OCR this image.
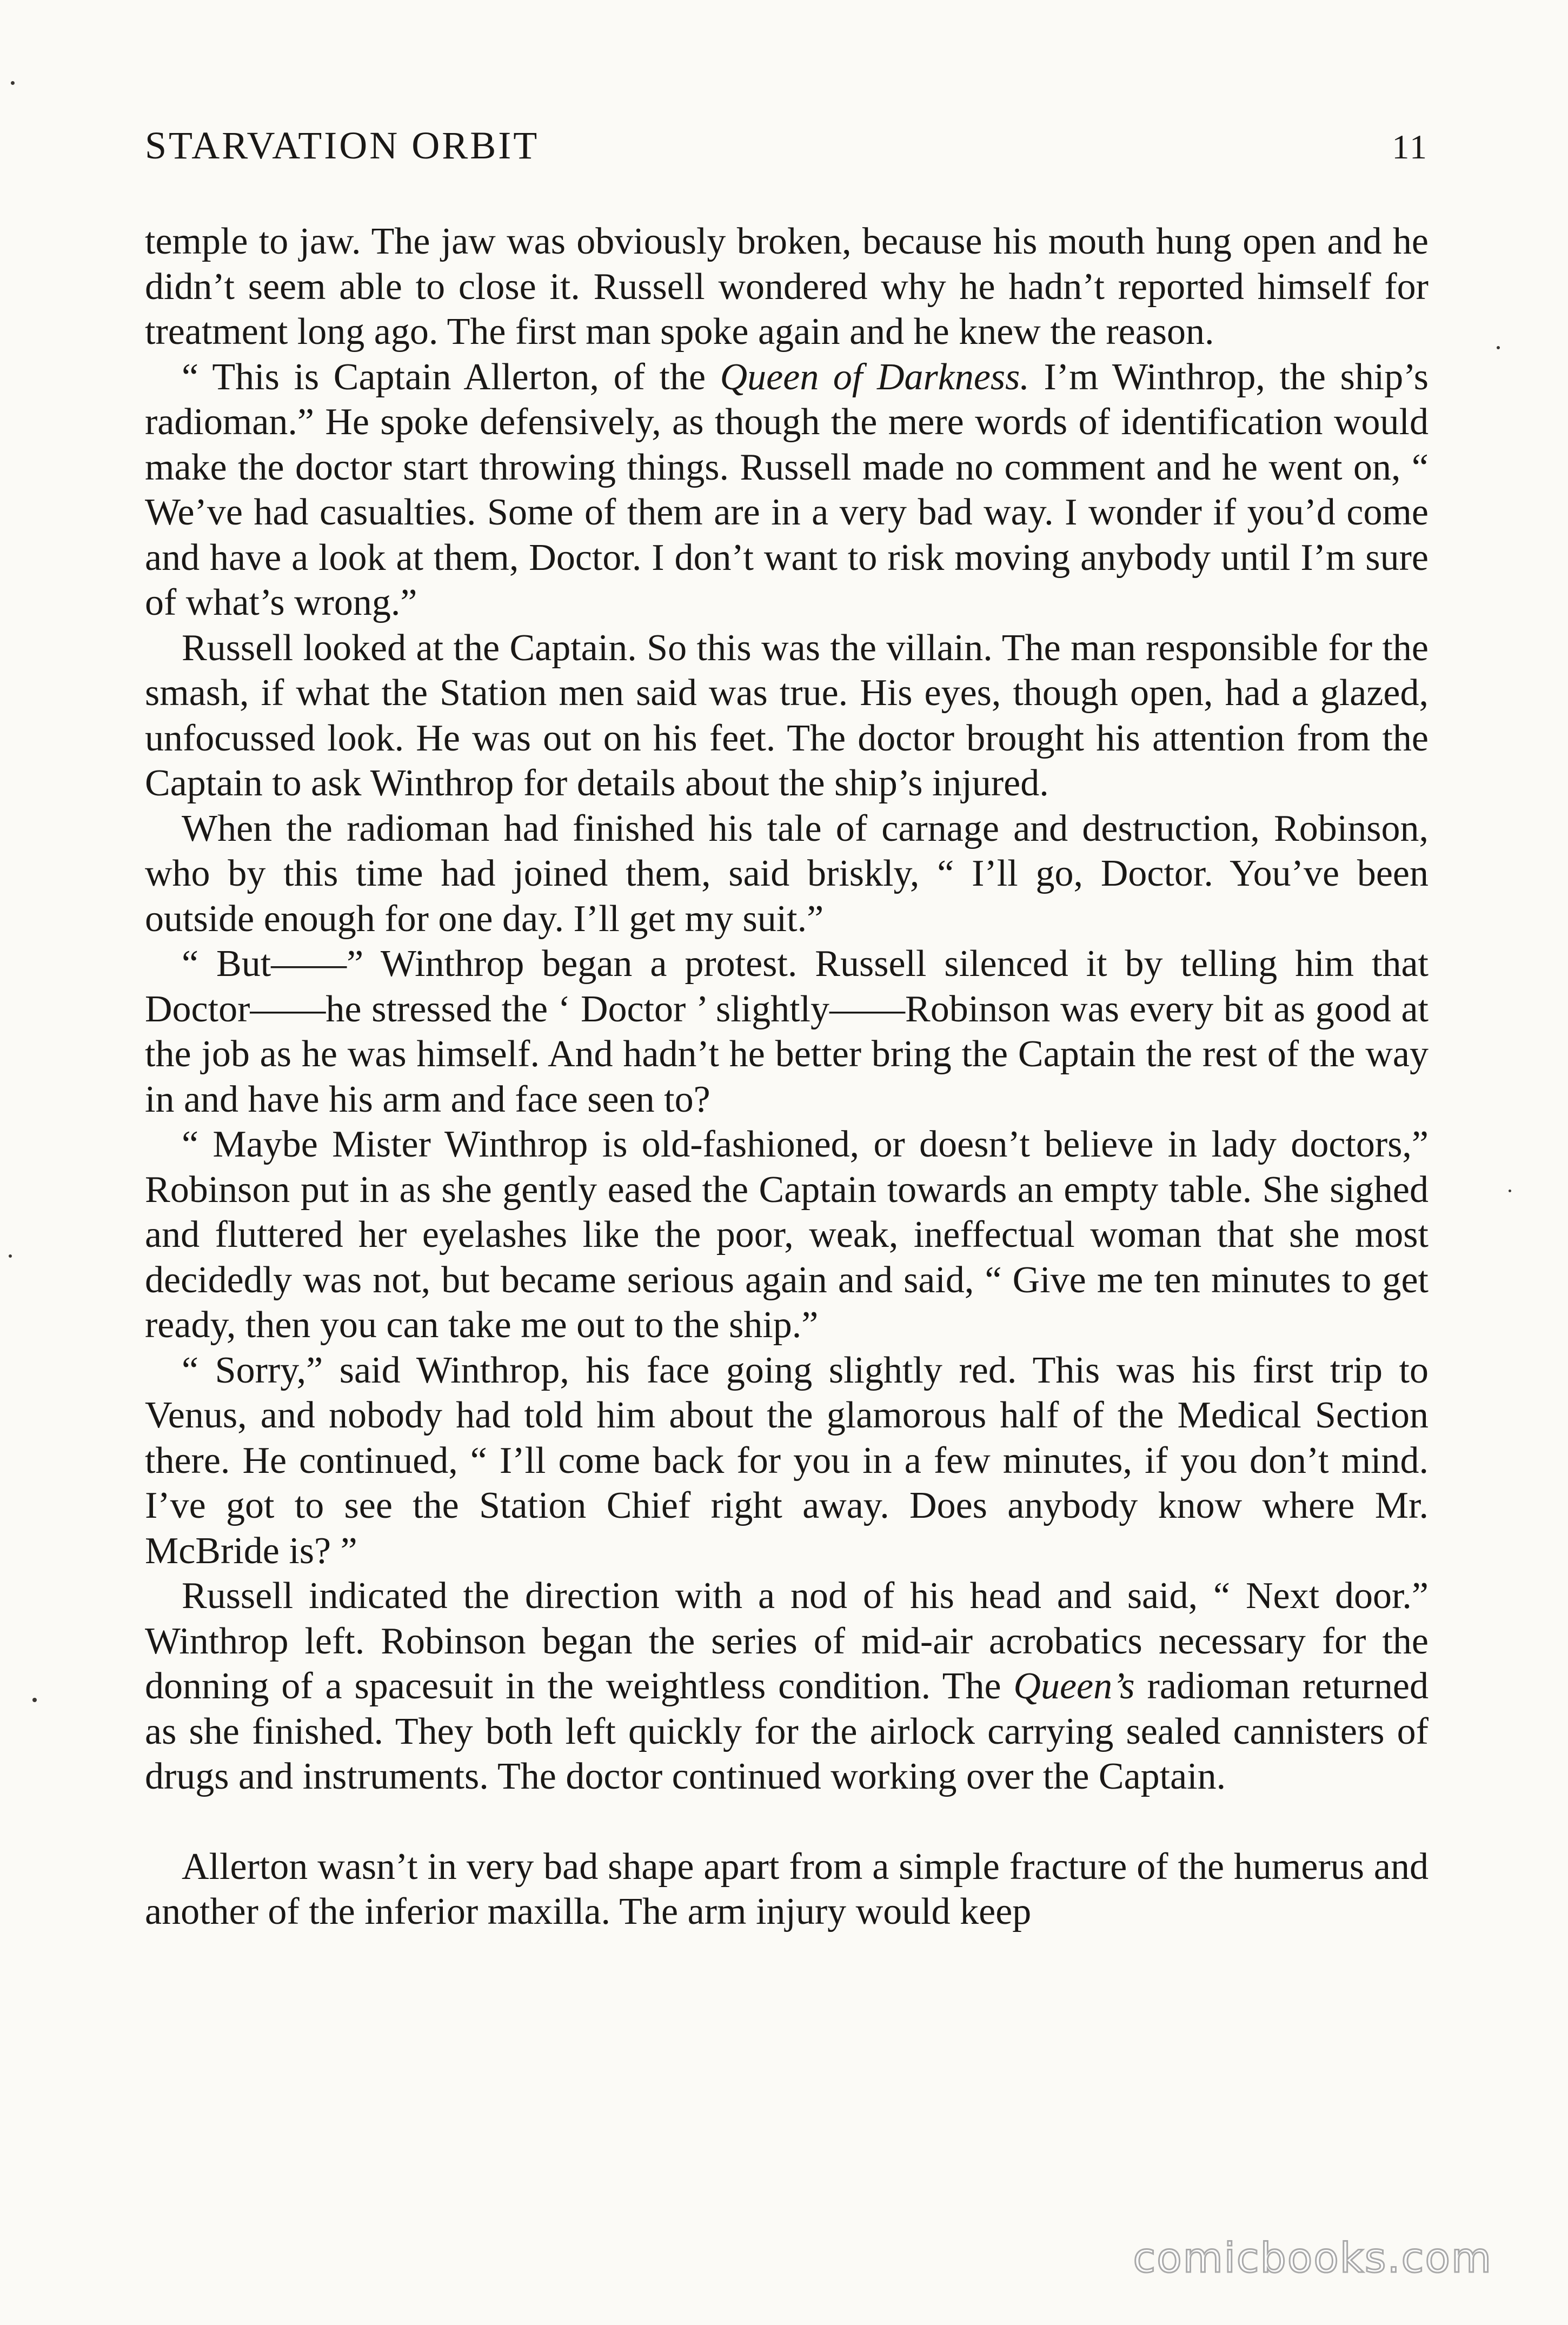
STARVATION ORBIT	11

temple to jaw. The jaw was obviously broken, because his mouth hung open and he didn’t seem able to close it. Russell wondered why he hadn’t reported himself for treatment long ago. The first man spoke again and he knew the reason.

“ This is Captain Allerton, of the Queen of Darkness. I’m Winthrop, the ship’s radioman.” He spoke defensively, as though the mere words of identification would make the doctor start throwing things. Russell made no comment and he went on, “ We’ve had casualties. Some of them are in a very bad way. I wonder if you’d come and have a look at them, Doctor. I don’t want to risk moving anybody until I’m sure of what’s wrong.”

Russell looked at the Captain. So this was the villain. The man responsible for the smash, if what the Station men said was true. His eyes, though open, had a glazed, unfocussed look. He was out on his feet. The doctor brought his attention from the Captain to ask Winthrop for details about the ship’s injured.

When the radioman had finished his tale of carnage and destruction, Robinson, who by this time had joined them, said briskly, “ I’ll go, Doctor. You’ve been outside enough for one day. I’ll get my suit.”

“ But——” Winthrop began a protest. Russell silenced it by telling him that Doctor——he stressed the ‘ Doctor ’ slightly——Robinson was every bit as good at the job as he was himself. And hadn’t he better bring the Captain the rest of the way in and have his arm and face seen to?

“ Maybe Mister Winthrop is old-fashioned, or doesn’t believe in lady doctors,” Robinson put in as she gently eased the Captain towards an empty table. She sighed and fluttered her eyelashes like the poor, weak, ineffectual woman that she most decidedly was not, but became serious again and said, “ Give me ten minutes to get ready, then you can take me out to the ship.”

“ Sorry,” said Winthrop, his face going slightly red. This was his first trip to Venus, and nobody had told him about the glamorous half of the Medical Section there. He continued, “ I’ll come back for you in a few minutes, if you don’t mind. I’ve got to see the Station Chief right away. Does anybody know where Mr. McBride is? ”

Russell indicated the direction with a nod of his head and said, “ Next door.” Winthrop left. Robinson began the series of mid-air acrobatics necessary for the donning of a spacesuit in the weightless condition. The Queen’s radioman returned as she finished. They both left quickly for the airlock carrying sealed cannisters of drugs and instruments. The doctor continued working over the Captain.

Allerton wasn’t in very bad shape apart from a simple fracture of the humerus and another of the inferior maxilla. The arm injury would keep

comicbooks.com
